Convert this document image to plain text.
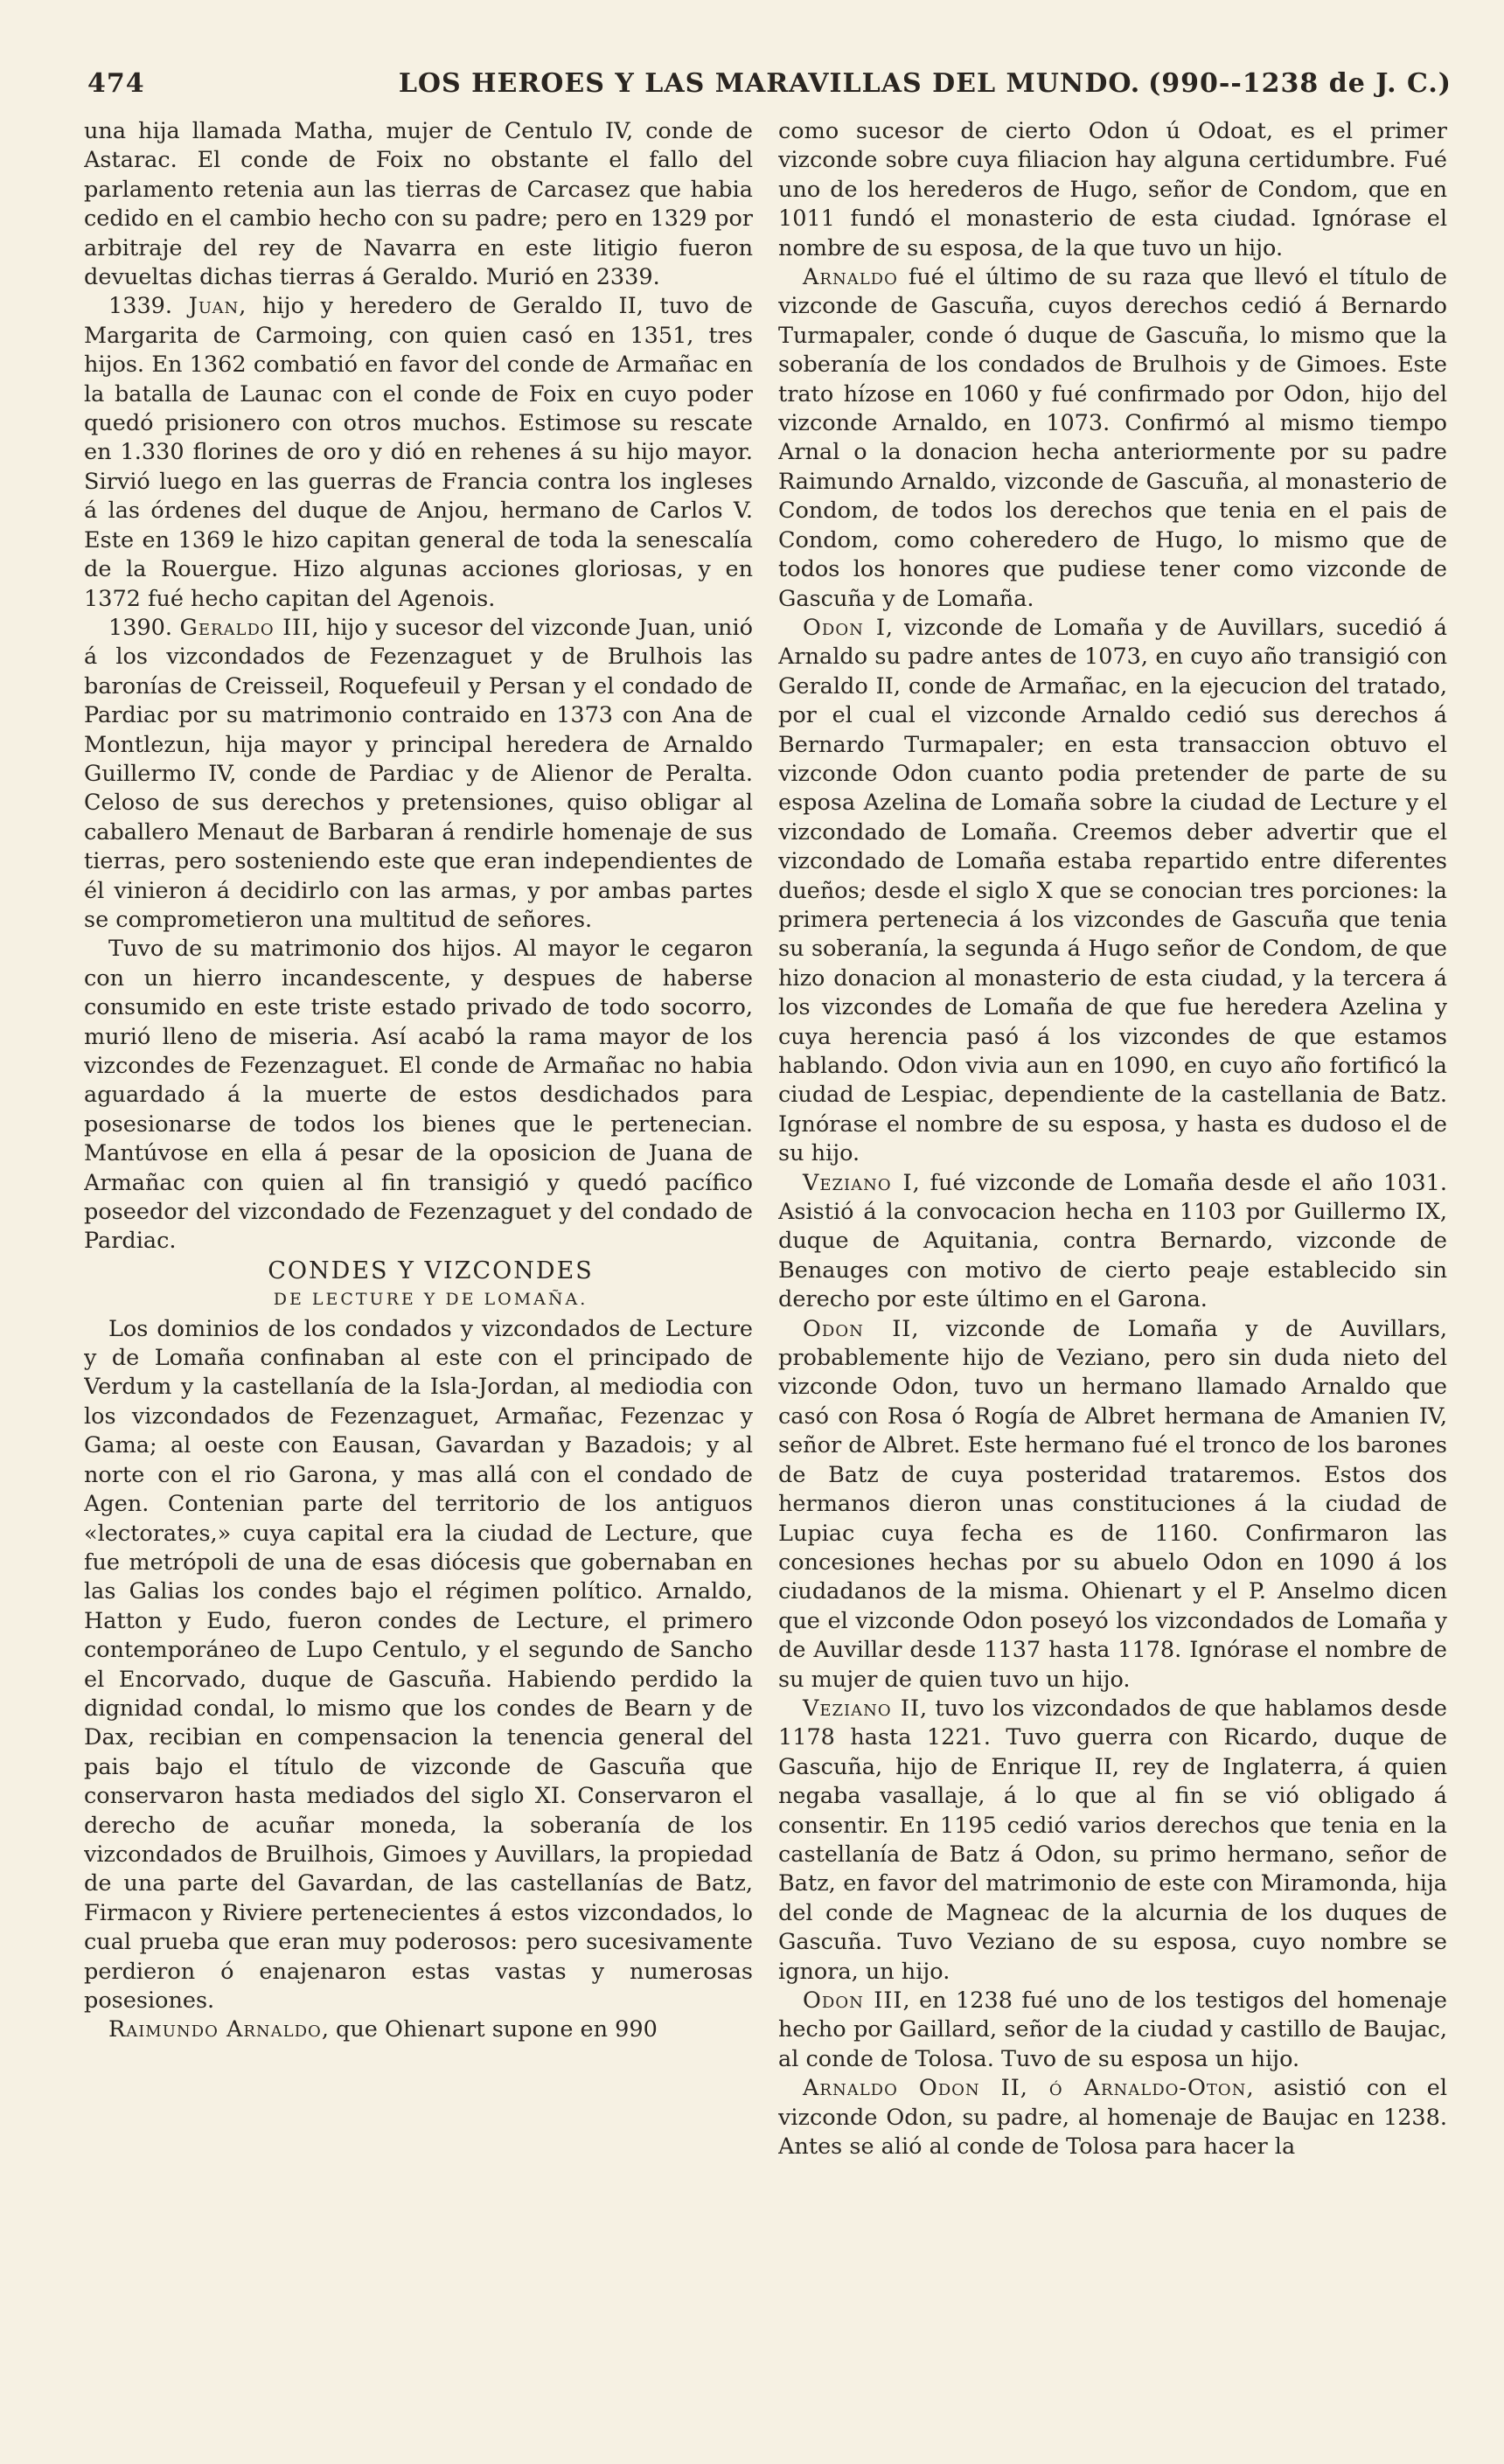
474	LOS HEROES Y LAS MARAVILLAS DEL MUNDO. (990--1238 de J. C.)

una hija llamada Matha, mujer de Centulo IV, conde de Astarac. El conde de Foix no obstante el fallo del parlamento retenia aun las tierras de Carcasez que habia cedido en el cambio hecho con su padre; pero en 1329 por arbitraje del rey de Navarra en este litigio fueron devueltas dichas tierras á Geraldo. Murió en 2339.

1339. Juan, hijo y heredero de Geraldo II, tuvo de Margarita de Carmoing, con quien casó en 1351, tres hijos. En 1362 combatió en favor del conde de Armañac en la batalla de Launac con el conde de Foix en cuyo poder quedó prisionero con otros muchos. Estimose su rescate en 1.330 florines de oro y dió en rehenes á su hijo mayor. Sirvió luego en las guerras de Francia contra los ingleses á las órdenes del duque de Anjou, hermano de Carlos V. Este en 1369 le hizo capitan general de toda la senescalía de la Rouergue. Hizo algunas acciones gloriosas, y en 1372 fué hecho capitan del Agenois.

1390. Geraldo III, hijo y sucesor del vizconde Juan, unió á los vizcondados de Fezenzaguet y de Brulhois las baronías de Creisseil, Roquefeuil y Persan y el condado de Pardiac por su matrimonio contraido en 1373 con Ana de Montlezun, hija mayor y principal heredera de Arnaldo Guillermo IV, conde de Pardiac y de Alienor de Peralta. Celoso de sus derechos y pretensiones, quiso obligar al caballero Menaut de Barbaran á rendirle homenaje de sus tierras, pero sosteniendo este que eran independientes de él vinieron á decidirlo con las armas, y por ambas partes se comprometieron una multitud de señores.

Tuvo de su matrimonio dos hijos. Al mayor le cegaron con un hierro incandescente, y despues de haberse consumido en este triste estado privado de todo socorro, murió lleno de miseria. Así acabó la rama mayor de los vizcondes de Fezenzaguet. El conde de Armañac no habia aguardado á la muerte de estos desdichados para posesionarse de todos los bienes que le pertenecian. Mantúvose en ella á pesar de la oposicion de Juana de Armañac con quien al fin transigió y quedó pacífico poseedor del vizcondado de Fezenzaguet y del condado de Pardiac.

CONDES Y VIZCONDES

DE LECTURE Y DE LOMAÑA.

Los dominios de los condados y vizcondados de Lecture y de Lomaña confinaban al este con el principado de Verdum y la castellanía de la Isla-Jordan, al mediodia con los vizcondados de Fezenzaguet, Armañac, Fezenzac y Gama; al oeste con Eausan, Gavardan y Bazadois; y al norte con el rio Garona, y mas allá con el condado de Agen. Contenian parte del territorio de los antiguos «lectorates,» cuya capital era la ciudad de Lecture, que fue metrópoli de una de esas diócesis que gobernaban en las Galias los condes bajo el régimen político. Arnaldo, Hatton y Eudo, fueron condes de Lecture, el primero contemporáneo de Lupo Centulo, y el segundo de Sancho el Encorvado, duque de Gascuña. Habiendo perdido la dignidad condal, lo mismo que los condes de Bearn y de Dax, recibian en compensacion la tenencia general del pais bajo el título de vizconde de Gascuña que conservaron hasta mediados del siglo XI. Conservaron el derecho de acuñar moneda, la soberanía de los vizcondados de Bruilhois, Gimoes y Auvillars, la propiedad de una parte del Gavardan, de las castellanías de Batz, Firmacon y Riviere pertenecientes á estos vizcondados, lo cual prueba que eran muy poderosos: pero sucesivamente perdieron ó enajenaron estas vastas y numerosas posesiones.

Raimundo Arnaldo, que Ohienart supone en 990

como sucesor de cierto Odon ú Odoat, es el primer vizconde sobre cuya filiacion hay alguna certidumbre. Fué uno de los herederos de Hugo, señor de Condom, que en 1011 fundó el monasterio de esta ciudad. Ignórase el nombre de su esposa, de la que tuvo un hijo.

Arnaldo fué el último de su raza que llevó el título de vizconde de Gascuña, cuyos derechos cedió á Bernardo Turmapaler, conde ó duque de Gascuña, lo mismo que la soberanía de los condados de Brulhois y de Gimoes. Este trato hízose en 1060 y fué confirmado por Odon, hijo del vizconde Arnaldo, en 1073. Confirmó al mismo tiempo Arnal o la donacion hecha anteriormente por su padre Raimundo Arnaldo, vizconde de Gascuña, al monasterio de Condom, de todos los derechos que tenia en el pais de Condom, como coheredero de Hugo, lo mismo que de todos los honores que pudiese tener como vizconde de Gascuña y de Lomaña.

Odon I, vizconde de Lomaña y de Auvillars, sucedió á Arnaldo su padre antes de 1073, en cuyo año transigió con Geraldo II, conde de Armañac, en la ejecucion del tratado, por el cual el vizconde Arnaldo cedió sus derechos á Bernardo Turmapaler; en esta transaccion obtuvo el vizconde Odon cuanto podia pretender de parte de su esposa Azelina de Lomaña sobre la ciudad de Lecture y el vizcondado de Lomaña. Creemos deber advertir que el vizcondado de Lomaña estaba repartido entre diferentes dueños; desde el siglo X que se conocian tres porciones: la primera pertenecia á los vizcondes de Gascuña que tenia su soberanía, la segunda á Hugo señor de Condom, de que hizo donacion al monasterio de esta ciudad, y la tercera á los vizcondes de Lomaña de que fue heredera Azelina y cuya herencia pasó á los vizcondes de que estamos hablando. Odon vivia aun en 1090, en cuyo año fortificó la ciudad de Lespiac, dependiente de la castellania de Batz. Ignórase el nombre de su esposa, y hasta es dudoso el de su hijo.

Veziano I, fué vizconde de Lomaña desde el año 1031. Asistió á la convocacion hecha en 1103 por Guillermo IX, duque de Aquitania, contra Bernardo, vizconde de Benauges con motivo de cierto peaje establecido sin derecho por este último en el Garona.

Odon II, vizconde de Lomaña y de Auvillars, probablemente hijo de Veziano, pero sin duda nieto del vizconde Odon, tuvo un hermano llamado Arnaldo que casó con Rosa ó Rogía de Albret hermana de Amanien IV, señor de Albret. Este hermano fué el tronco de los barones de Batz de cuya posteridad trataremos. Estos dos hermanos dieron unas constituciones á la ciudad de Lupiac cuya fecha es de 1160. Confirmaron las concesiones hechas por su abuelo Odon en 1090 á los ciudadanos de la misma. Ohienart y el P. Anselmo dicen que el vizconde Odon poseyó los vizcondados de Lomaña y de Auvillar desde 1137 hasta 1178. Ignórase el nombre de su mujer de quien tuvo un hijo.

Veziano II, tuvo los vizcondados de que hablamos desde 1178 hasta 1221. Tuvo guerra con Ricardo, duque de Gascuña, hijo de Enrique II, rey de Inglaterra, á quien negaba vasallaje, á lo que al fin se vió obligado á consentir. En 1195 cedió varios derechos que tenia en la castellanía de Batz á Odon, su primo hermano, señor de Batz, en favor del matrimonio de este con Miramonda, hija del conde de Magneac de la alcurnia de los duques de Gascuña. Tuvo Veziano de su esposa, cuyo nombre se ignora, un hijo.

Odon III, en 1238 fué uno de los testigos del homenaje hecho por Gaillard, señor de la ciudad y castillo de Baujac, al conde de Tolosa. Tuvo de su esposa un hijo.

Arnaldo Odon II, ó Arnaldo-Oton, asistió con el vizconde Odon, su padre, al homenaje de Baujac en 1238. Antes se alió al conde de Tolosa para hacer la
